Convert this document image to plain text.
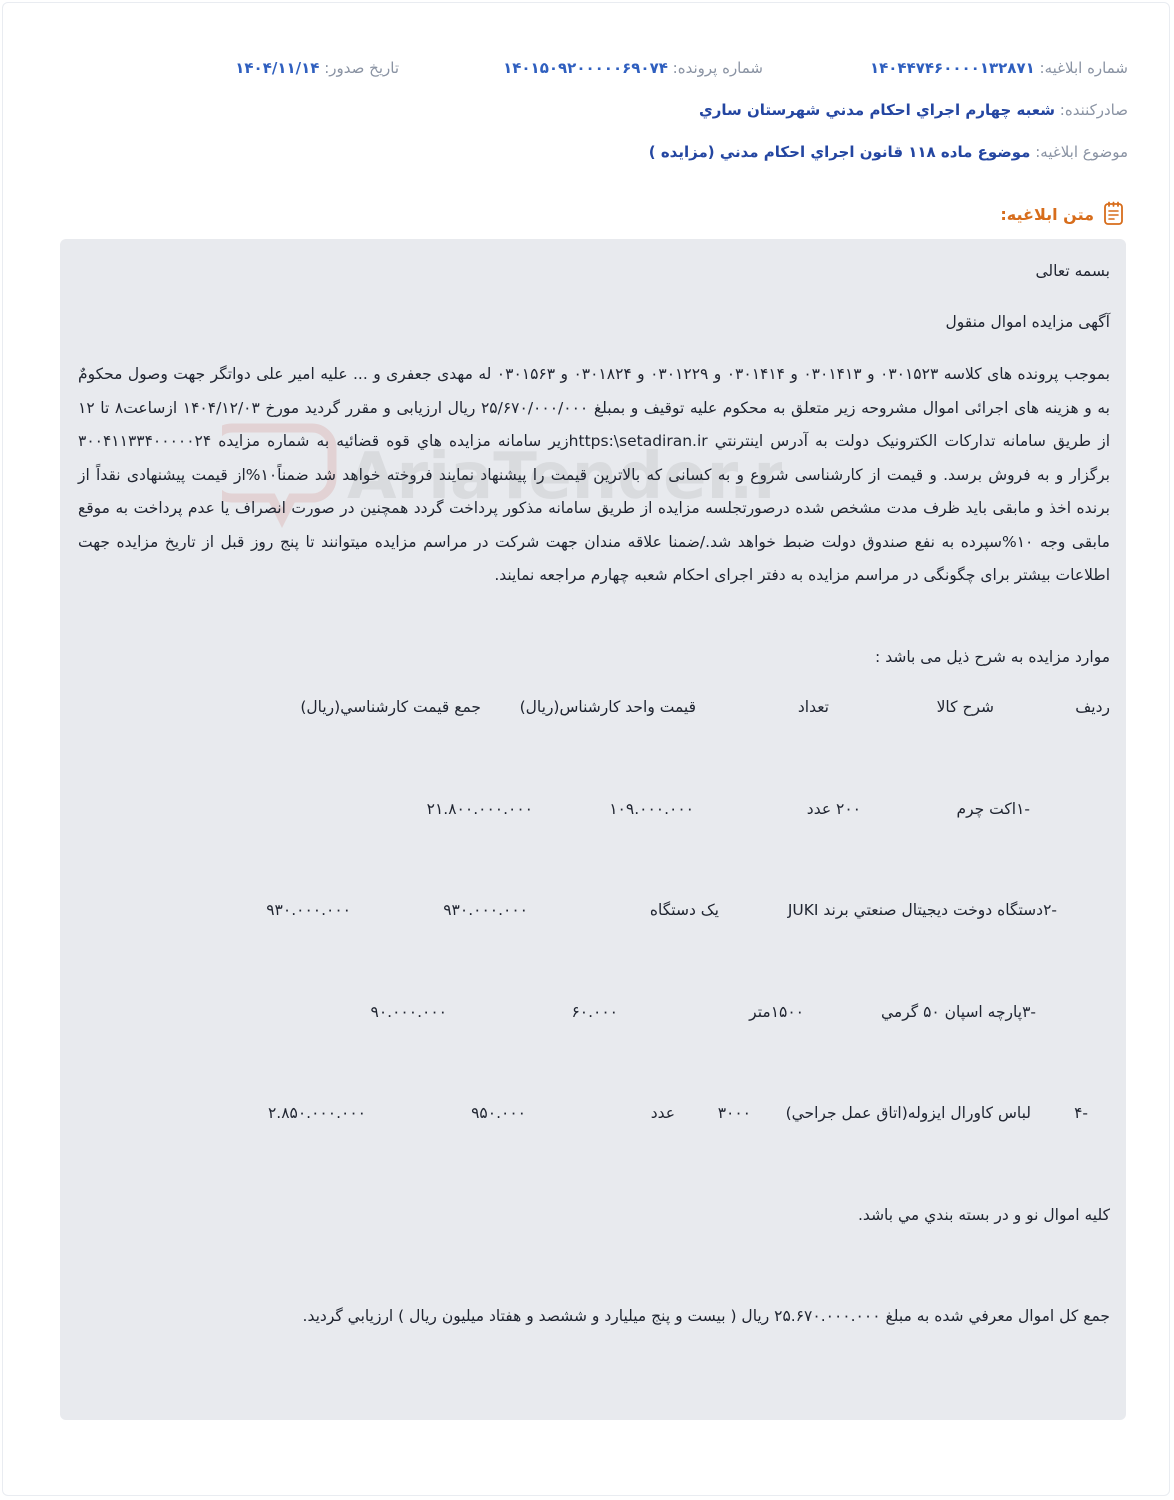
شماره ابلاغيه: ۱۴۰۴۴۷۴۶۰۰۰۰۱۳۲۸۷۱
شماره پرونده: ۱۴۰۱۵۰۹۲۰۰۰۰۰۶۹۰۷۴
تاريخ صدور: ۱۴۰۴/۱۱/۱۴
صادرکننده: شعبه چهارم اجراي احکام مدني شهرستان ساري
موضوع ابلاغيه: موضوع ماده ۱۱۸ قانون اجراي احكام مدني (مزايده )
متن ابلاغيه:
بسمه تعالی
آگهی مزایده اموال منقول
بموجب پرونده های کلاسه ۰۳۰۱۵۲۳ و ۰۳۰۱۴۱۳ و ۰۳۰۱۴۱۴ و ۰۳۰۱۲۲۹ و ۰۳۰۱۸۲۴ و ۰۳۰۱۵۶۳ له مهدی جعفری و ... علیه امیر علی دواتگر جهت وصول محکومٌ به و هزینه های اجرائی اموال مشروحه زیر متعلق به محکوم علیه توقیف و بمبلغ ۲۵/۶۷۰/۰۰۰/۰۰۰ ریال ارزیابی و مقرر گردید مورخ ۱۴۰۴/۱۲/۰۳ ازساعت۸ تا ۱۲ از طریق سامانه تدارکات الکترونیک دولت به آدرس اینترنتي https:\setadiran.irزير سامانه مزايده هاي قوه قضائيه به شماره مزایده ۳۰۰۴۱۱۳۳۴۰۰۰۰۰۲۴ برگزار و به فروش برسد. و قیمت از کارشناسی شروع و به کسانی که بالاترین قیمت را پیشنهاد نمایند فروخته خواهد شد ضمناً۱۰%از قیمت پیشنهادی نقداً از برنده اخذ و مابقی باید ظرف مدت مشخص شده درصورتجلسه مزایده از طریق سامانه مذکور پرداخت گردد همچنین در صورت انصراف یا عدم پرداخت به موقع مابقی وجه ۱۰%سپرده به نفع صندوق دولت ضبط خواهد شد./ضمنا علاقه مندان جهت شرکت در مراسم مزایده میتوانند تا پنج روز قبل از تاریخ مزایده جهت اطلاعات بیشتر برای چگونگی در مراسم مزایده به دفتر اجرای احکام شعبه چهارم مراجعه نمایند.
موارد مزایده به شرح ذیل می باشد :
ردیف
شرح کالا
تعداد
قیمت واحد کارشناس(ریال)
جمع قيمت كارشناسي(ريال)
-۱اکت چرم
۲۰۰ عدد
۱۰۹.۰۰۰.۰۰۰
۲۱.۸۰۰.۰۰۰.۰۰۰
-۲دستگاه دوخت ديجيتال صنعتي برند JUKI
يک دستگاه
۹۳۰.۰۰۰.۰۰۰
۹۳۰.۰۰۰.۰۰۰
-۳پارچه اسپان ۵۰ گرمي
۱۵۰۰متر
۶۰.۰۰۰
۹۰.۰۰۰.۰۰۰
-۴
لباس كاورال ايزوله(اتاق عمل جراحي)
۳۰۰۰
عدد
۹۵۰.۰۰۰
۲.۸۵۰.۰۰۰.۰۰۰
كليه اموال نو و در بسته بندي مي باشد.
جمع كل اموال معرفي شده به مبلغ ۲۵.۶۷۰.۰۰۰.۰۰۰ ريال ( بيست و پنج ميليارد و ششصد و هفتاد ميليون ريال ) ارزيابي گرديد.
